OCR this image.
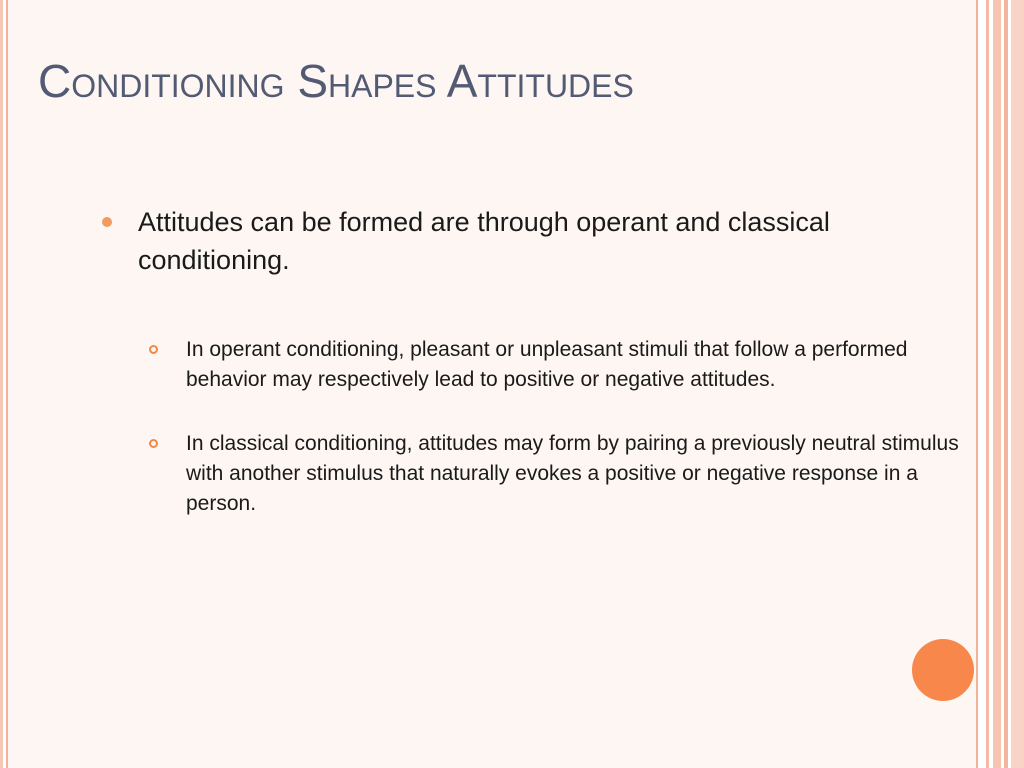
Conditioning Shapes Attitudes
Attitudes can be formed are through operant and classical conditioning.
In operant conditioning, pleasant or unpleasant stimuli that follow a performed behavior may respectively lead to positive or negative attitudes.
In classical conditioning, attitudes may form by pairing a previously neutral stimulus with another stimulus that naturally evokes a positive or negative response in a person.
